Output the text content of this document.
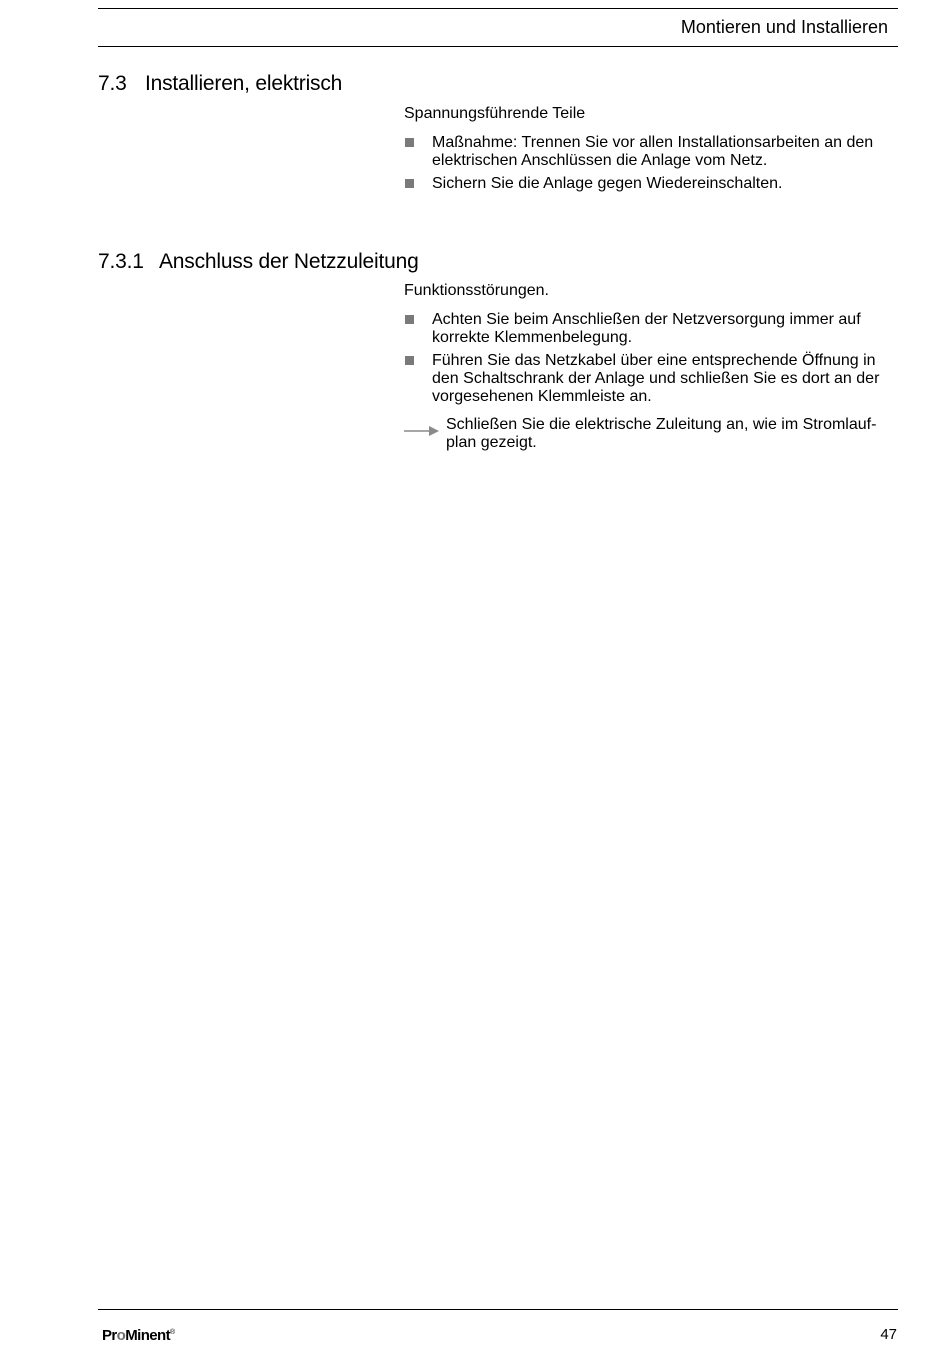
Montieren und Installieren
7.3 Installieren, elektrisch

Spannungsführende Teile

Maßnahme: Trennen Sie vor allen Installationsarbeiten an den
elektrischen Anschlüssen die Anlage vom Netz.
Sichern Sie die Anlage gegen Wiedereinschalten.
7.3.1 Anschluss der Netzzuleitung

Funktionsstörungen.

Achten Sie beim Anschließen der Netzversorgung immer auf
korrekte Klemmenbelegung.
Führen Sie das Netzkabel über eine entsprechende Öffnung in
den Schaltschrank der Anlage und schließen Sie es dort an der
vorgesehenen Klemmleiste an.
Schließen Sie die elektrische Zuleitung an, wie im Stromlauf-
plan gezeigt.
ProMinent®	47
